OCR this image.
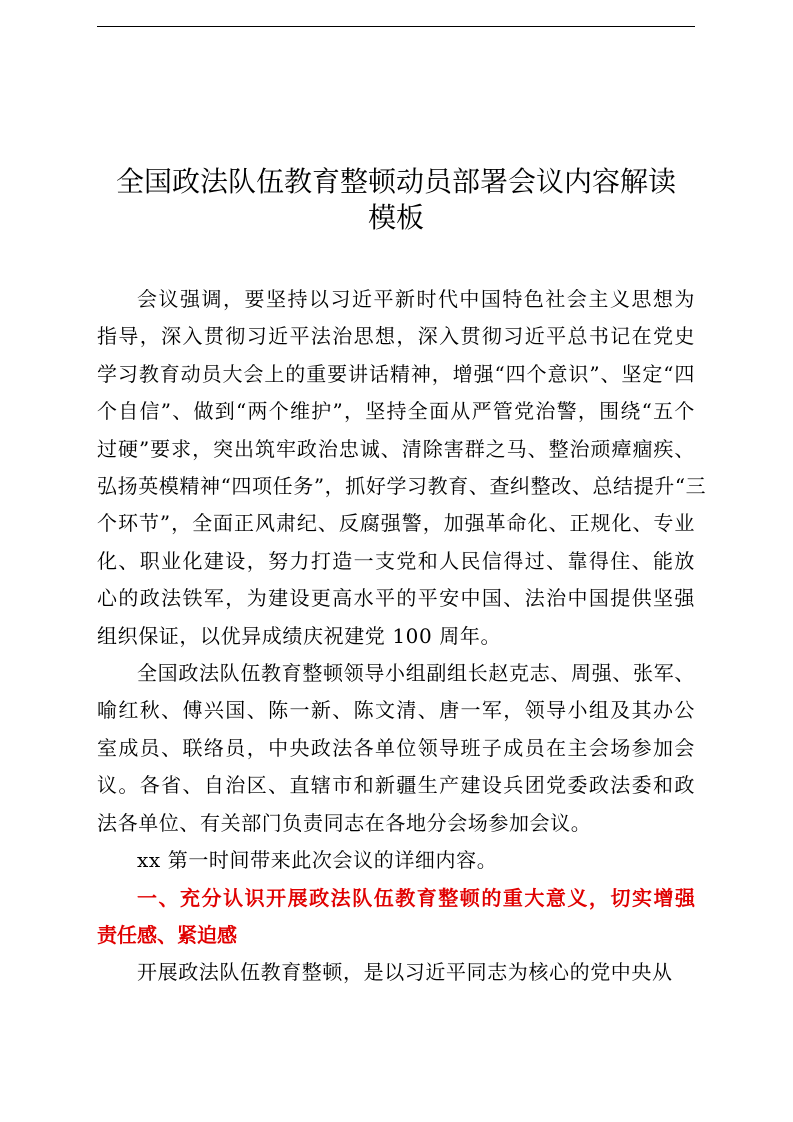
全国政法队伍教育整顿动员部署会议内容解读
模板

会议强调，要坚持以习近平新时代中国特色社会主义思想为
指导，深入贯彻习近平法治思想，深入贯彻习近平总书记在党史
学习教育动员大会上的重要讲话精神，增强“四个意识”、坚定“四
个自信”、做到“两个维护”，坚持全面从严管党治警，围绕“五个
过硬”要求，突出筑牢政治忠诚、清除害群之马、整治顽瘴痼疾、
弘扬英模精神“四项任务”，抓好学习教育、查纠整改、总结提升“三
个环节”，全面正风肃纪、反腐强警，加强革命化、正规化、专业
化、职业化建设，努力打造一支党和人民信得过、靠得住、能放
心的政法铁军，为建设更高水平的平安中国、法治中国提供坚强
组织保证，以优异成绩庆祝建党 100 周年。

全国政法队伍教育整顿领导小组副组长赵克志、周强、张军、
喻红秋、傅兴国、陈一新、陈文清、唐一军，领导小组及其办公
室成员、联络员，中央政法各单位领导班子成员在主会场参加会
议。各省、自治区、直辖市和新疆生产建设兵团党委政法委和政
法各单位、有关部门负责同志在各地分会场参加会议。

xx 第一时间带来此次会议的详细内容。

一、充分认识开展政法队伍教育整顿的重大意义，切实增强
责任感、紧迫感

开展政法队伍教育整顿，是以习近平同志为核心的党中央从
